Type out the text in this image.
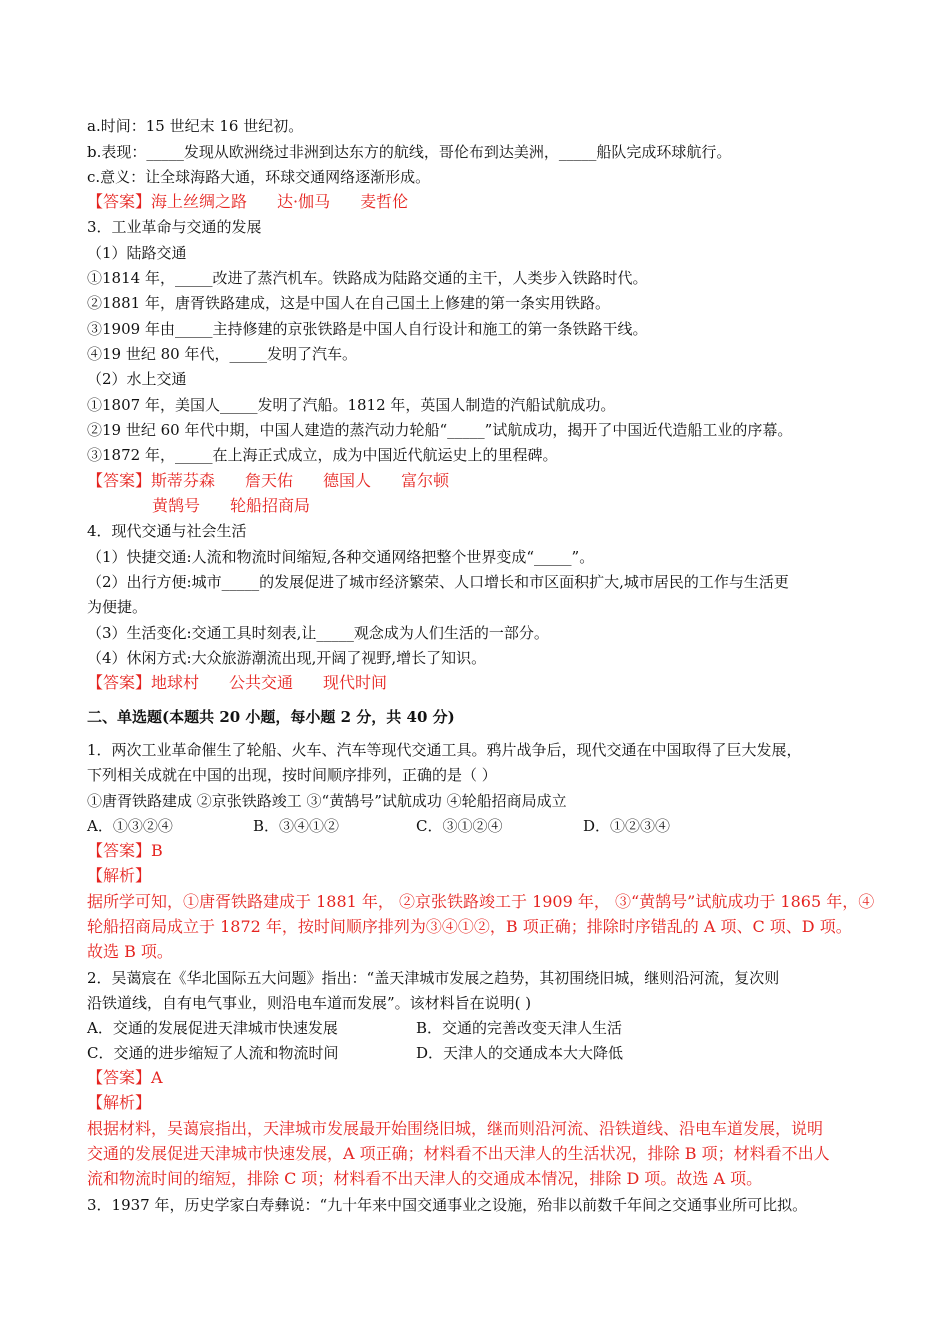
a.时间：15 世纪末 16 世纪初。
b.表现：_____发现从欧洲绕过非洲到达东方的航线，哥伦布到达美洲，_____船队完成环球航行。
c.意义：让全球海路大通，环球交通网络逐渐形成。
【答案】海上丝绸之路 达·伽马 麦哲伦
3．工业革命与交通的发展
（1）陆路交通
①1814 年，_____改进了蒸汽机车。铁路成为陆路交通的主干，人类步入铁路时代。
②1881 年，唐胥铁路建成，这是中国人在自己国土上修建的第一条实用铁路。
③1909 年由_____主持修建的京张铁路是中国人自行设计和施工的第一条铁路干线。
④19 世纪 80 年代，_____发明了汽车。
（2）水上交通
①1807 年，美国人_____发明了汽船。1812 年，英国人制造的汽船试航成功。
②19 世纪 60 年代中期，中国人建造的蒸汽动力轮船“_____”试航成功，揭开了中国近代造船工业的序幕。
③1872 年，_____在上海正式成立，成为中国近代航运史上的里程碑。
【答案】斯蒂芬森 詹天佑 德国人 富尔顿
黄鹄号 轮船招商局
4．现代交通与社会生活
（1）快捷交通:人流和物流时间缩短,各种交通网络把整个世界变成“_____”。
（2）出行方便:城市_____的发展促进了城市经济繁荣、人口增长和市区面积扩大,城市居民的工作与生活更
为便捷。
（3）生活变化:交通工具时刻表,让_____观念成为人们生活的一部分。
（4）休闲方式:大众旅游潮流出现,开阔了视野,增长了知识。
【答案】地球村 公共交通 现代时间
二、单选题(本题共 20 小题，每小题 2 分，共 40 分)
1．两次工业革命催生了轮船、火车、汽车等现代交通工具。鸦片战争后，现代交通在中国取得了巨大发展，
下列相关成就在中国的出现，按时间顺序排列，正确的是（ ）
①唐胥铁路建成 ②京张铁路竣工 ③“黄鹄号”试航成功 ④轮船招商局成立
A．①③②④	B．③④①②	C．③①②④	D．①②③④
【答案】B
【解析】
据所学可知，①唐胥铁路建成于 1881 年， ②京张铁路竣工于 1909 年， ③“黄鹄号”试航成功于 1865 年，④
轮船招商局成立于 1872 年，按时间顺序排列为③④①②，B 项正确；排除时序错乱的 A 项、C 项、D 项。
故选 B 项。
2．吴蔼宸在《华北国际五大问题》指出：“盖天津城市发展之趋势，其初围绕旧城，继则沿河流，复次则
沿铁道线，自有电气事业，则沿电车道而发展”。该材料旨在说明( )
A．交通的发展促进天津城市快速发展	B．交通的完善改变天津人生活
C．交通的进步缩短了人流和物流时间	D．天津人的交通成本大大降低
【答案】A
【解析】
根据材料，吴蔼宸指出，天津城市发展最开始围绕旧城，继而则沿河流、沿铁道线、沿电车道发展，说明
交通的发展促进天津城市快速发展，A 项正确；材料看不出天津人的生活状况，排除 B 项；材料看不出人
流和物流时间的缩短，排除 C 项；材料看不出天津人的交通成本情况，排除 D 项。故选 A 项。
3．1937 年，历史学家白寿彝说：“九十年来中国交通事业之设施，殆非以前数千年间之交通事业所可比拟。
